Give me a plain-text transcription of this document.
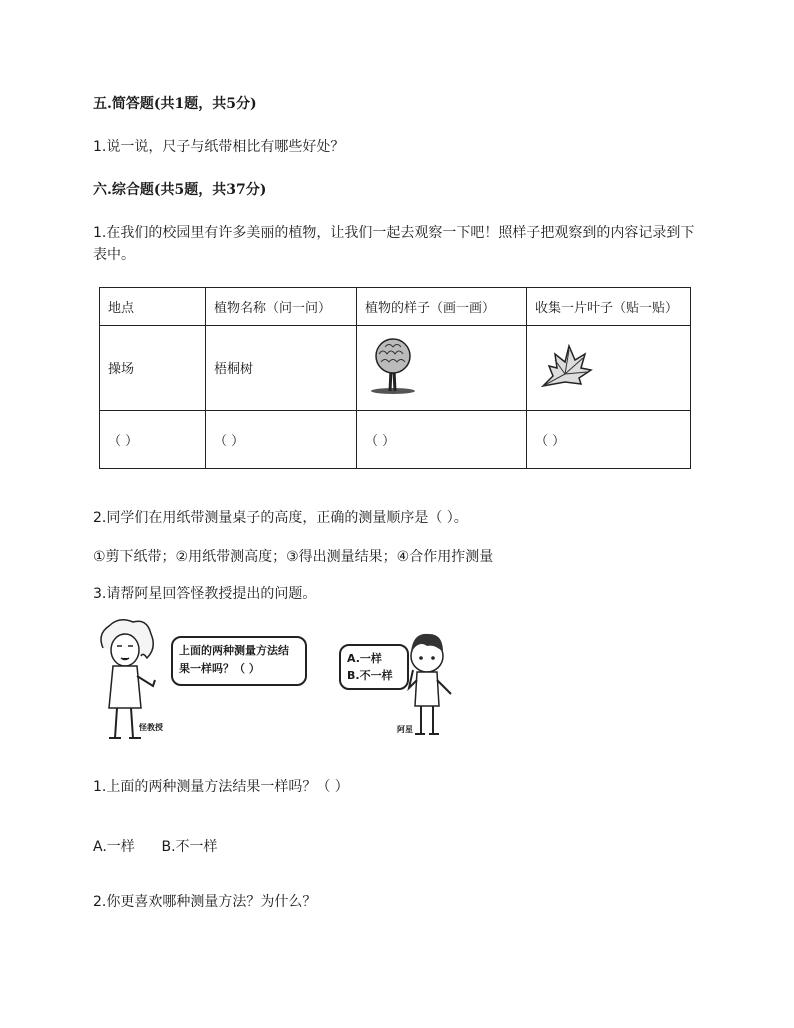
五.简答题(共1题，共5分)
1.说一说，尺子与纸带相比有哪些好处？
六.综合题(共5题，共37分)
1.在我们的校园里有许多美丽的植物，让我们一起去观察一下吧！照样子把观察到的内容记录到下表中。
地点	植物名称（问一问）	植物的样子（画一画）	收集一片叶子（贴一贴）
操场	梧桐树		
（ ）	（ ）	（ ）	（ ）
2.同学们在用纸带测量桌子的高度，正确的测量顺序是（ ）。
①剪下纸带；②用纸带测高度；③得出测量结果；④合作用拃测量
3.请帮阿星回答怪教授提出的问题。
上面的两种测量方法结
果一样吗？（ ）
怪教授
A.一样
B.不一样
阿星
1.上面的两种测量方法结果一样吗？（ ）
A.一样      B.不一样
2.你更喜欢哪种测量方法？为什么？
